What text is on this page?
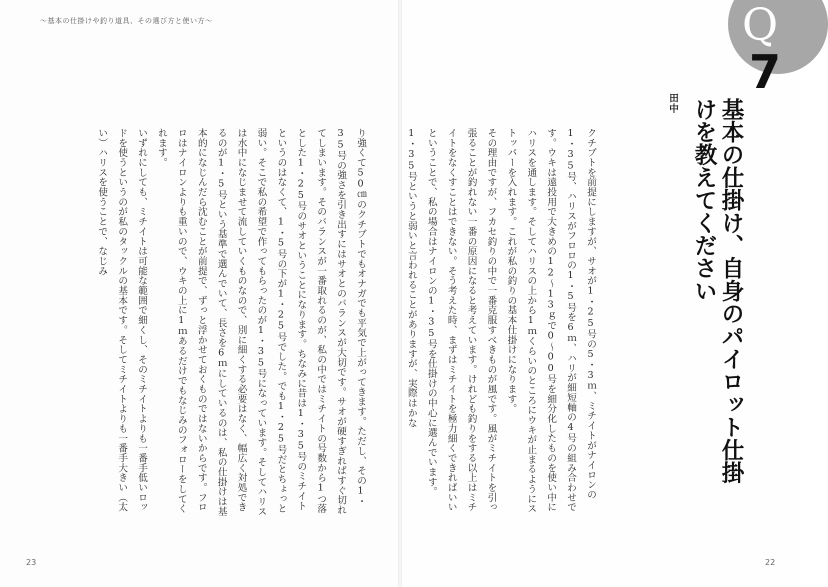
〜基本の仕掛けや釣り道具、その選び方と使い方〜

り強くて50㎝のクチブトでもオナガでも平気で上がってきます。ただし、その1・35号の強さを引き出すにはサオとのバランスが大切です。サオが硬すぎればすぐ切れてしまいます。そのバランスが一番取れるのが、私の中ではミチイトの号数から1つ落とした1・25号のサオということになります。ちなみに昔は1・35号のミチイトというのはなくて、1・5号の下が1・25号でした。でも1・25号だとちょっと弱い。そこで私の希望で作ってもらったのが1・35号になっています。そしてハリスは水中になじませて流していくものなので、別に細くする必要はなく、幅広く対処できるのが1・5号という基準で選んでいて、長さを6ｍにしているのは、私の仕掛けは基本的になじんだら沈むことが前提で、ずっと浮かせておくものではないからです。フロロはナイロンよりも重いので、ウキの上に1ｍあるだけでもなじみのフォローをしてくれます。

いずれにしても、ミチイトは可能な範囲で細くし、そのミチイトよりも一番手低いロッドを使うというのが私のタックルの基本です。そしてミチイトよりも一番手大きい（太い）ハリスを使うことで、なじみ	クチブトを前提にしますが、サオが1・25号の5・3ｍ、ミチイトがナイロンの1・35号、ハリスがフロロの1・5号を6ｍ、ハリが細短軸の4号の組み合わせです。ウキは遠投用で大きめの12〜13ｇで0〜00号を細分化したものを使い中にハリスを通します。そしてハリスの上から1ｍくらいのところにウキが止まるようにストッパーを入れます。これが私の釣りの基本仕掛けになります。

その理由ですが、フカセ釣りの中で一番克服すべきものが風です。風がミチイトを引っ張ることが釣れない一番の原因になると考えています。けれども釣りをする以上はミチイトをなくすことはできない。そう考えた時、まずはミチイトを極力細くできればいいということで、私の場合はナイロンの1・35号を仕掛けの中心に選んでいます。

1・35号というと弱いと言われることがありますが、実際はかな

Q
7
基本の仕掛け、自身のパイロット仕掛けを教えてください
田中
23	22
